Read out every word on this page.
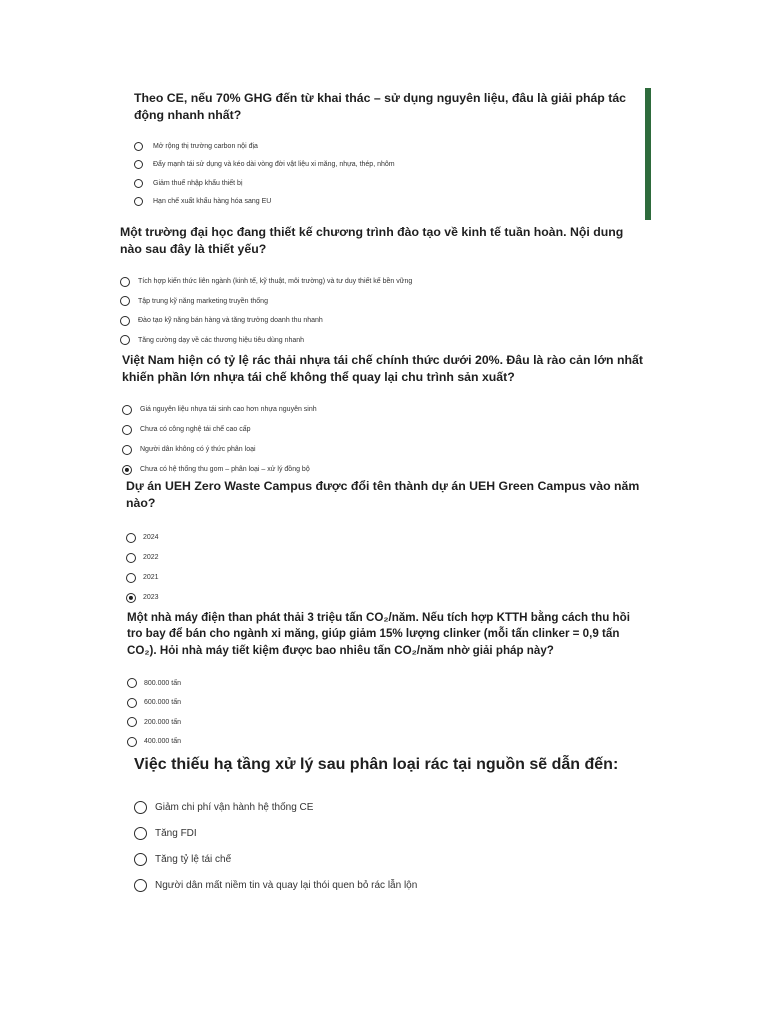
Theo CE, nếu 70% GHG đến từ khai thác – sử dụng nguyên liệu, đâu là giải pháp tác động nhanh nhất?

Mở rộng thị trường carbon nội địa
Đẩy mạnh tái sử dụng và kéo dài vòng đời vật liệu xi măng, nhựa, thép, nhôm
Giảm thuế nhập khẩu thiết bị
Hạn chế xuất khẩu hàng hóa sang EU

Một trường đại học đang thiết kế chương trình đào tạo về kinh tế tuần hoàn. Nội dung nào sau đây là thiết yếu?

Tích hợp kiến thức liên ngành (kinh tế, kỹ thuật, môi trường) và tư duy thiết kế bền vững
Tập trung kỹ năng marketing truyền thống
Đào tạo kỹ năng bán hàng và tăng trưởng doanh thu nhanh
Tăng cường dạy về các thương hiệu tiêu dùng nhanh

Việt Nam hiện có tỷ lệ rác thải nhựa tái chế chính thức dưới 20%. Đâu là rào cản lớn nhất khiến phần lớn nhựa tái chế không thể quay lại chu trình sản xuất?

Giá nguyên liệu nhựa tái sinh cao hơn nhựa nguyên sinh
Chưa có công nghệ tái chế cao cấp
Người dân không có ý thức phân loại
Chưa có hệ thống thu gom – phân loại – xử lý đồng bộ

Dự án UEH Zero Waste Campus được đổi tên thành dự án UEH Green Campus vào năm nào?

2024
2022
2021
2023

Một nhà máy điện than phát thải 3 triệu tấn CO₂/năm. Nếu tích hợp KTTH bằng cách thu hồi tro bay để bán cho ngành xi măng, giúp giảm 15% lượng clinker (mỗi tấn clinker = 0,9 tấn CO₂). Hỏi nhà máy tiết kiệm được bao nhiêu tấn CO₂/năm nhờ giải pháp này?

800.000 tấn
600.000 tấn
200.000 tấn
400.000 tấn

Việc thiếu hạ tầng xử lý sau phân loại rác tại nguồn sẽ dẫn đến:

Giảm chi phí vận hành hệ thống CE
Tăng FDI
Tăng tỷ lệ tái chế
Người dân mất niềm tin và quay lại thói quen bỏ rác lẫn lộn
